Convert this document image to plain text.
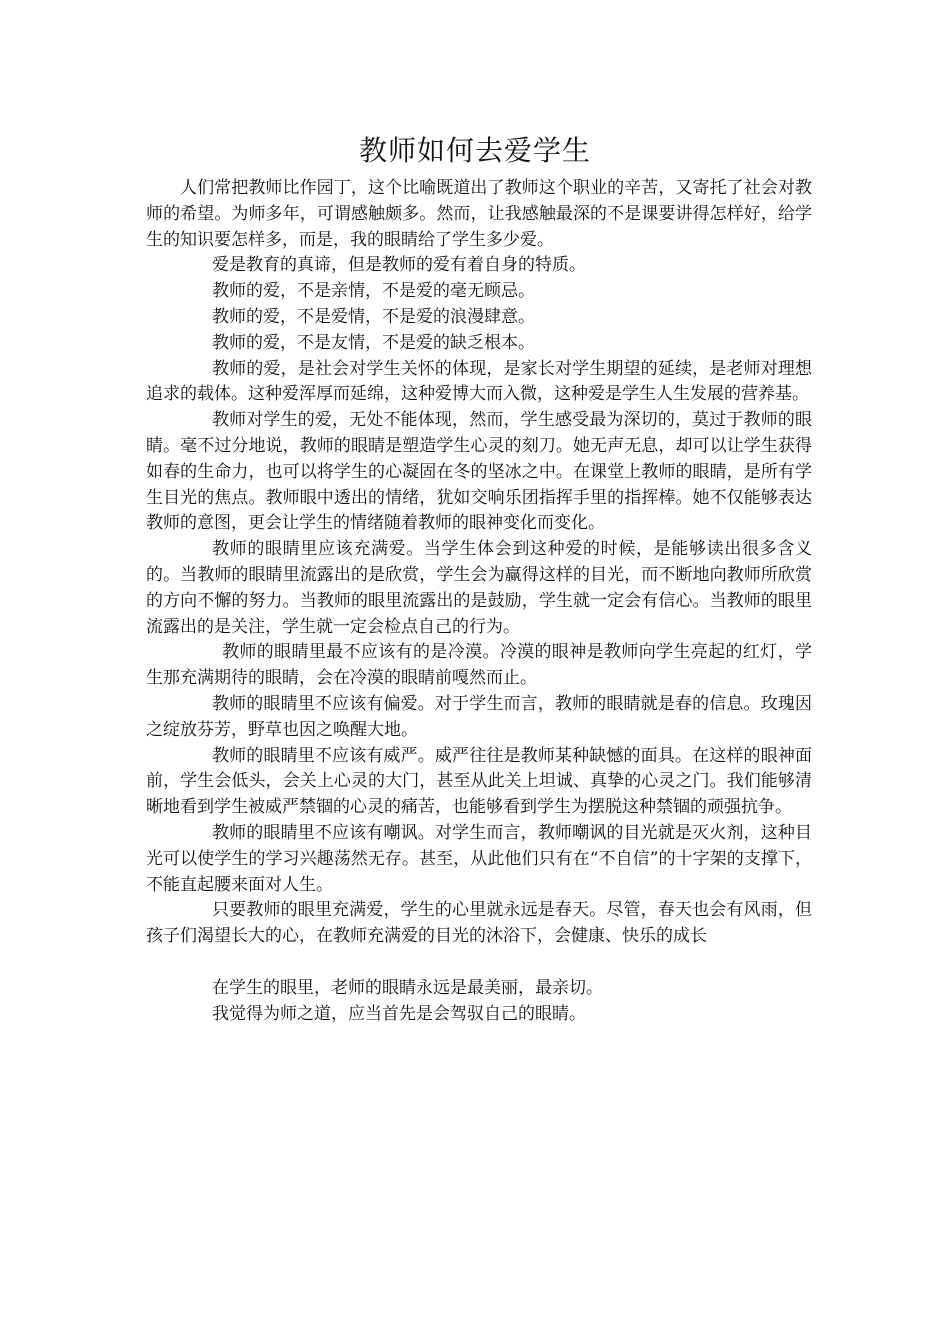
教师如何去爱学生

人们常把教师比作园丁，这个比喻既道出了教师这个职业的辛苦，又寄托了社会对教师的希望。为师多年，可谓感触颇多。然而，让我感触最深的不是课要讲得怎样好，给学生的知识要怎样多，而是，我的眼睛给了学生多少爱。

爱是教育的真谛，但是教师的爱有着自身的特质。

教师的爱，不是亲情，不是爱的毫无顾忌。

教师的爱，不是爱情，不是爱的浪漫肆意。

教师的爱，不是友情，不是爱的缺乏根本。

教师的爱，是社会对学生关怀的体现，是家长对学生期望的延续，是老师对理想追求的载体。这种爱浑厚而延绵，这种爱博大而入微，这种爱是学生人生发展的营养基。

教师对学生的爱，无处不能体现，然而，学生感受最为深切的，莫过于教师的眼睛。毫不过分地说，教师的眼睛是塑造学生心灵的刻刀。她无声无息，却可以让学生获得如春的生命力，也可以将学生的心凝固在冬的坚冰之中。在课堂上教师的眼睛，是所有学生目光的焦点。教师眼中透出的情绪，犹如交响乐团指挥手里的指挥棒。她不仅能够表达教师的意图，更会让学生的情绪随着教师的眼神变化而变化。

教师的眼睛里应该充满爱。当学生体会到这种爱的时候，是能够读出很多含义的。当教师的眼睛里流露出的是欣赏，学生会为赢得这样的目光，而不断地向教师所欣赏的方向不懈的努力。当教师的眼里流露出的是鼓励，学生就一定会有信心。当教师的眼里流露出的是关注，学生就一定会检点自己的行为。

教师的眼睛里最不应该有的是冷漠。冷漠的眼神是教师向学生亮起的红灯，学生那充满期待的眼睛，会在冷漠的眼睛前嘎然而止。

教师的眼睛里不应该有偏爱。对于学生而言，教师的眼睛就是春的信息。玫瑰因之绽放芬芳，野草也因之唤醒大地。

教师的眼睛里不应该有威严。威严往往是教师某种缺憾的面具。在这样的眼神面前，学生会低头，会关上心灵的大门，甚至从此关上坦诚、真挚的心灵之门。我们能够清晰地看到学生被威严禁锢的心灵的痛苦，也能够看到学生为摆脱这种禁锢的顽强抗争。

教师的眼睛里不应该有嘲讽。对学生而言，教师嘲讽的目光就是灭火剂，这种目光可以使学生的学习兴趣荡然无存。甚至，从此他们只有在“不自信”的十字架的支撑下，不能直起腰来面对人生。

只要教师的眼里充满爱，学生的心里就永远是春天。尽管，春天也会有风雨，但孩子们渴望长大的心，在教师充满爱的目光的沐浴下，会健康、快乐的成长

在学生的眼里，老师的眼睛永远是最美丽，最亲切。

我觉得为师之道，应当首先是会驾驭自己的眼睛。
